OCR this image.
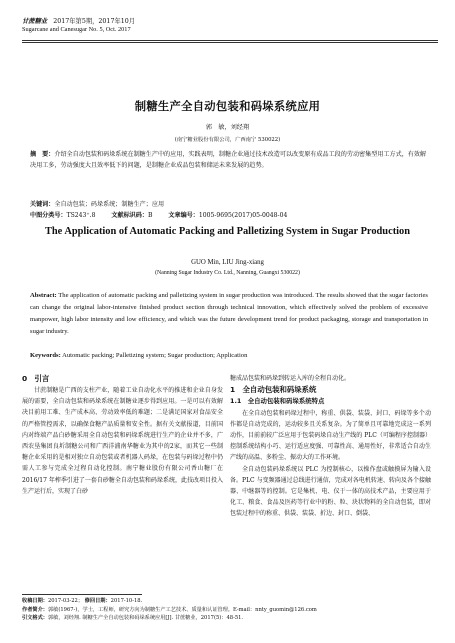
甘蔗糖业 2017年第5期，2017年10月
Sugarcane and Canesugar No. 5, Oct. 2017
制糖生产全自动包装和码垛系统应用
郭　敏，刘经翔
(南宁糖业股份有限公司，广西南宁 530022)
摘　要：介绍全自动包装和码垛系统在制糖生产中的应用，实践表明，制糖企业通过技术改造可以改变原有成品工段的劳动密集型用工方式，有效解决用工多，劳动强度大且效率低下的问题，是制糖企业成品包装和储运未来发展的趋势。
关键词：全自动包装；码垛系统；制糖生产；应用
中图分类号：TS243⁺.8	文献标识码：B	文章编号：1005-9695(2017)05-0048-04
The Application of Automatic Packing and Palletizing System in Sugar Production
GUO Min, LIU Jing-xiang
(Nanning Sugar Industry Co. Ltd., Nanning, Guangxi 530022)
Abstract: The application of automatic packing and palletizing system in sugar production was introduced. The results showed that the sugar factories can change the original labor-intensive finished product section through technical innovation, which effectively solved the problem of excessive manpower, high labor intensity and low efficiency, and which was the future development trend for product packaging, storage and transportation in sugar industry.
Keywords: Automatic packing; Palletizing system; Sugar production; Application
0　引言

甘蔗制糖是广西的支柱产业，随着工业自动化水平的推进和企业自身发展的需要，全自动包装和码垛系统在制糖业逐步得到应用。一是可以有效解决目前用工难、生产成本高、劳动效率低的难题；二是满足国家对食品安全的严格管控需求，以确保食糖产品质量和安全性。据有关文献报道，目前国内对终端产品白砂糖采用全自动包装和码垛系统进行生产的企业并不多，广西农垦集团良圻制糖公司和广西洋浦南华糖业为其中的2家，而其它一些制糖企业采用的是相对独立自动包装或者机器人码垛，在包装与码垛过程中仍需人工参与完成全过程自动化控制。南宁糖业股份有限公司香山糖厂在2016/17 年榨季引进了一套自砂糖全自动包装和码垛系统，此技改项目投入生产运行后，实现了白砂

糖成品包装和码垛到转运入库的全程自动化。

1　全自动包装和码垛系统
1.1　全自动包装和码垛系统特点

在全自动包装和码垛过程中，称重、供袋、装袋、封口、码垛等多个动作都是自动完成的，运动较多且关系复杂。为了简单且可靠地完成这一系列动作，目前前较广泛应用于包装码垛自动生产线的 PLC（可编程序控制器）控制系统结构小巧、运行适应度强、可靠性高、通用性好，非常适合自动生产线的高温、多粉尘、振动大的工作环境。

全自动包装码垛系统以 PLC 为控制核心，以操作盘或触摸屏为输入设备。PLC 与变频器通过总线进行通信，完成对各电机转速、转向及各个接触器、中继器等的控制。它是集机、电、仪于一体的高技术产品，主要应用于化工、粮食、食品及医药等行业中的粉、粒、块状物料的全自动包装，即对包装过程中的称重、供袋、装袋、折边、封口、倒袋、

收稿日期：2017-03-22； 修回日期：2017-10-18.
作者简介：郭敏(1967-)，学士，工程师，研究方向为制糖生产工艺技术、质量和认证管理。E-mail：nnty_guomin@126.com
引文格式：郭敏，刘经翔. 制糖生产全自动包装和码垛系统应用[J]. 甘蔗糖业，2017(5)：48-51.
